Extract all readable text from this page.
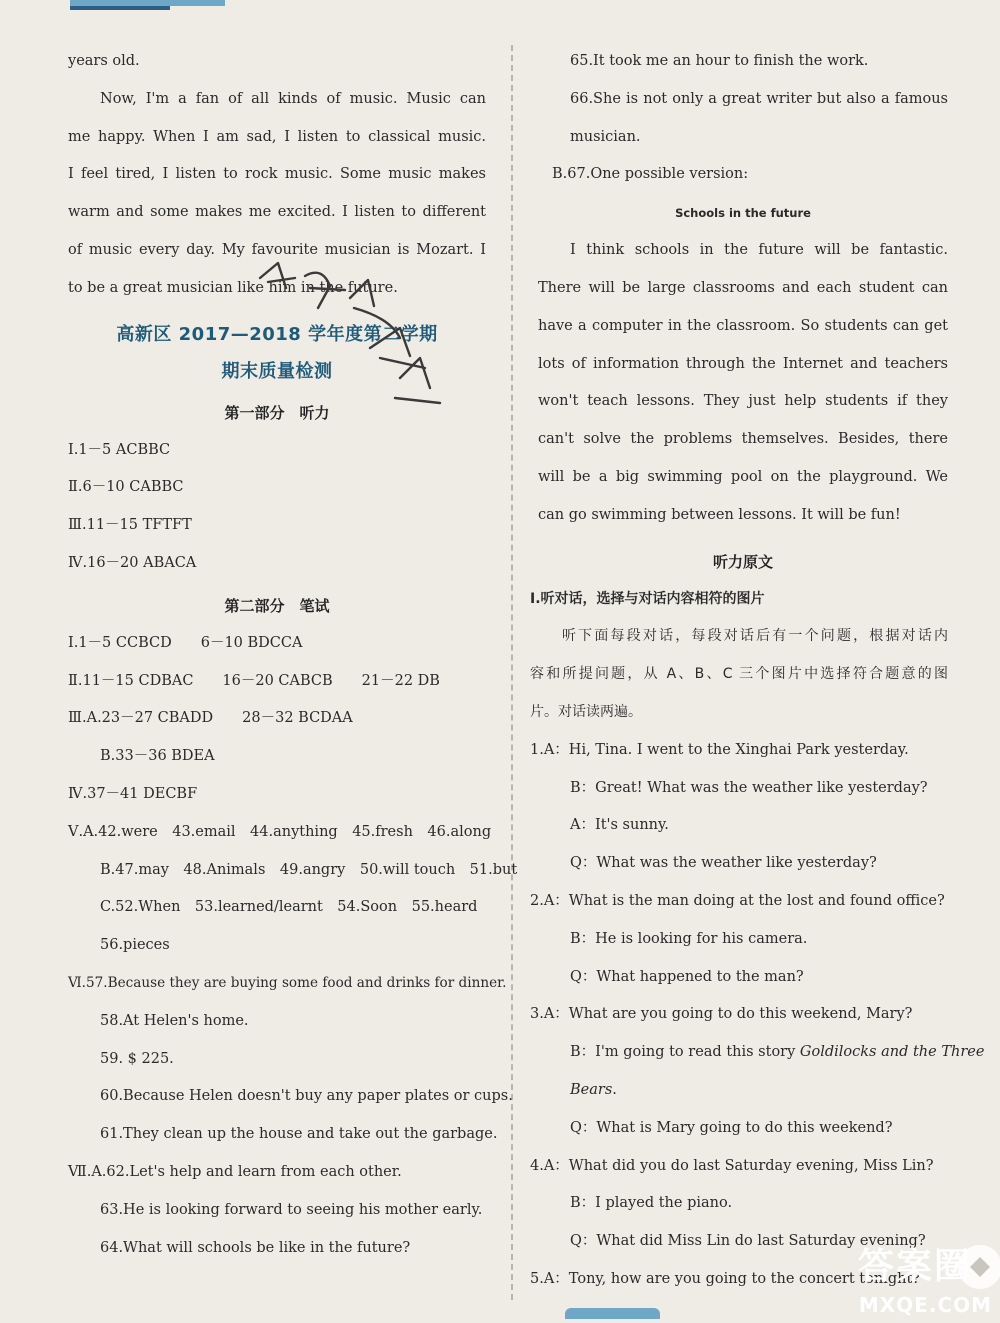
years old.
Now, I'm a fan of all kinds of music. Music can
me happy. When I am sad, I listen to classical music.
I feel tired, I listen to rock music. Some music makes
warm and some makes me excited. I listen to different
of music every day. My favourite musician is Mozart. I
to be a great musician like him in the future.
高新区 2017—2018 学年度第二学期
期末质量检测
第一部分　听力
Ⅰ.1－5 ACBBC
Ⅱ.6－10 CABBC
Ⅲ.11－15 TFTFT
Ⅳ.16－20 ABACA
第二部分　笔试
Ⅰ.1－5 CCBCD　　6－10 BDCCA
Ⅱ.11－15 CDBAC　　16－20 CABCB　　21－22 DB
Ⅲ.A.23－27 CBADD　　28－32 BCDAA
B.33－36 BDEA
Ⅳ.37－41 DECBF
Ⅴ.A.42.were　43.email　44.anything　45.fresh　46.along
B.47.may　48.Animals　49.angry　50.will touch　51.but
C.52.When　53.learned/learnt　54.Soon　55.heard
56.pieces
Ⅵ.57.Because they are buying some food and drinks for dinner.
58.At Helen's home.
59. $ 225.
60.Because Helen doesn't buy any paper plates or cups.
61.They clean up the house and take out the garbage.
Ⅶ.A.62.Let's help and learn from each other.
63.He is looking forward to seeing his mother early.
64.What will schools be like in the future?
65.It took me an hour to finish the work.
66.She is not only a great writer but also a famous
musician.
B.67.One possible version:
Schools in the future
I think schools in the future will be fantastic.
There will be large classrooms and each student can
have a computer in the classroom. So students can get
lots of information through the Internet and teachers
won't teach lessons. They just help students if they
can't solve the problems themselves. Besides, there
will be a big swimming pool on the playground. We
can go swimming between lessons. It will be fun!
听力原文
Ⅰ.听对话，选择与对话内容相符的图片
听下面每段对话，每段对话后有一个问题，根据对话内
容和所提问题，从 A、B、C 三个图片中选择符合题意的图
片。对话读两遍。
1.A：Hi, Tina. I went to the Xinghai Park yesterday.
B：Great! What was the weather like yesterday?
A：It's sunny.
Q：What was the weather like yesterday?
2.A：What is the man doing at the lost and found office?
B：He is looking for his camera.
Q：What happened to the man?
3.A：What are you going to do this weekend, Mary?
B：I'm going to read this story Goldilocks and the Three
Bears.
Q：What is Mary going to do this weekend?
4.A：What did you do last Saturday evening, Miss Lin?
B：I played the piano.
Q：What did Miss Lin do last Saturday evening?
5.A：Tony, how are you going to the concert tonight?
答案圈
MXQE.COM
